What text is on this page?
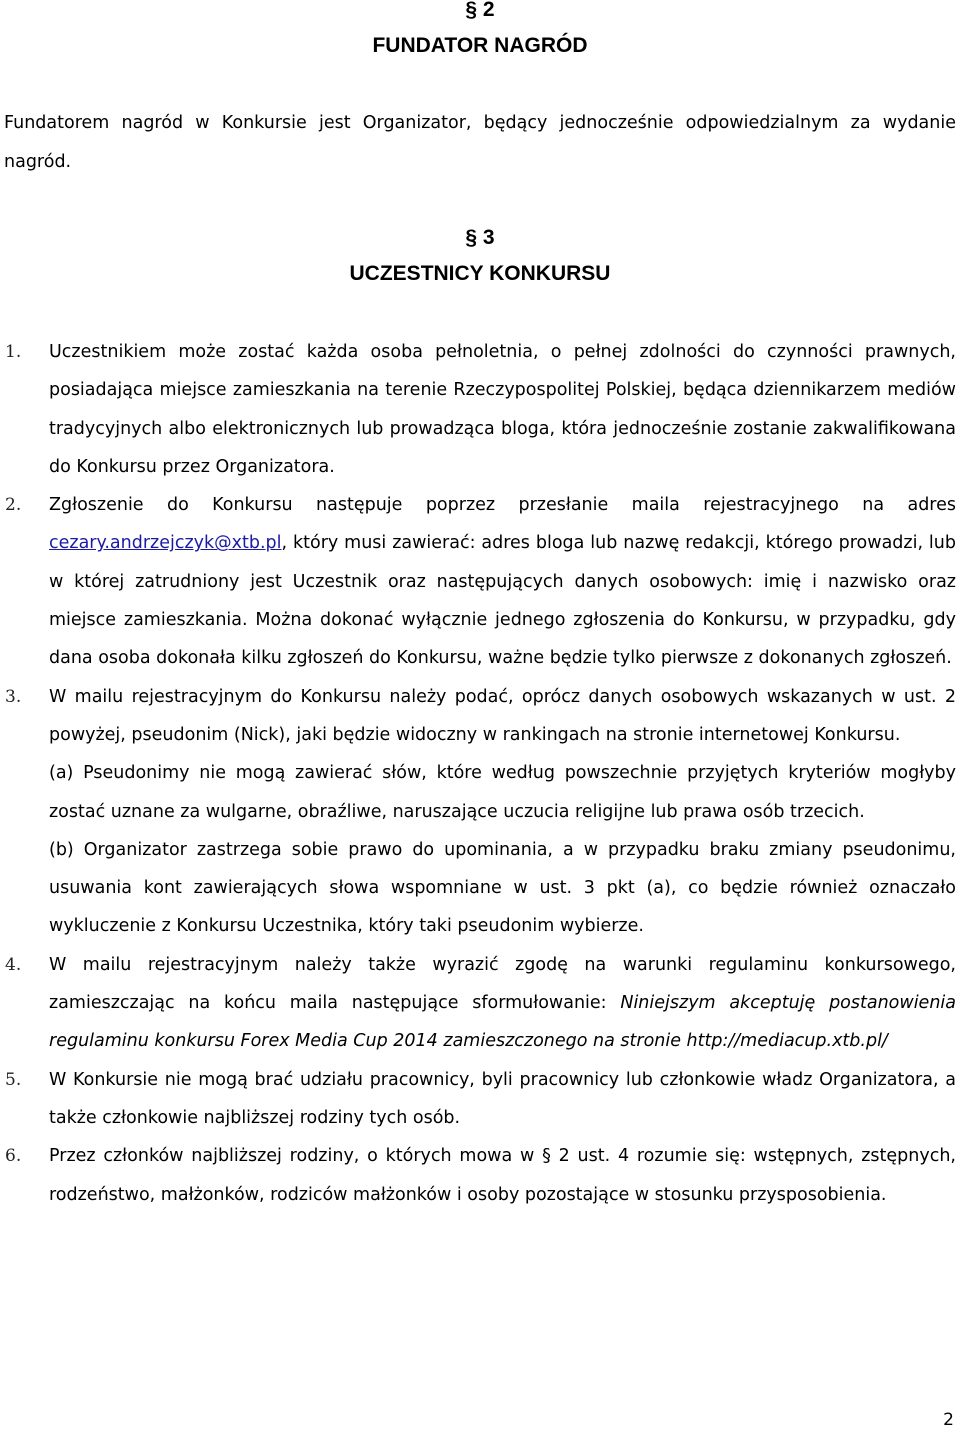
§ 2
FUNDATOR NAGRÓD

Fundatorem nagród w Konkursie jest Organizator, będący jednocześnie odpowiedzialnym za wydanie nagród.

§ 3
UCZESTNICY KONKURSU
1. Uczestnikiem może zostać każda osoba pełnoletnia, o pełnej zdolności do czynności prawnych, posiadająca miejsce zamieszkania na terenie Rzeczypospolitej Polskiej, będąca dziennikarzem mediów tradycyjnych albo elektronicznych lub prowadząca bloga, która jednocześnie zostanie zakwalifikowana do Konkursu przez Organizatora.
2. Zgłoszenie do Konkursu następuje poprzez przesłanie maila rejestracyjnego na adres cezary.andrzejczyk@xtb.pl, który musi zawierać: adres bloga lub nazwę redakcji, którego prowadzi, lub w której zatrudniony jest Uczestnik oraz następujących danych osobowych: imię i nazwisko oraz miejsce zamieszkania. Można dokonać wyłącznie jednego zgłoszenia do Konkursu, w przypadku, gdy dana osoba dokonała kilku zgłoszeń do Konkursu, ważne będzie tylko pierwsze z dokonanych zgłoszeń.
3. W mailu rejestracyjnym do Konkursu należy podać, oprócz danych osobowych wskazanych w ust. 2 powyżej, pseudonim (Nick), jaki będzie widoczny w rankingach na stronie internetowej Konkursu.
(a) Pseudonimy nie mogą zawierać słów, które według powszechnie przyjętych kryteriów mogłyby zostać uznane za wulgarne, obraźliwe, naruszające uczucia religijne lub prawa osób trzecich.
(b) Organizator zastrzega sobie prawo do upominania, a w przypadku braku zmiany pseudonimu, usuwania kont zawierających słowa wspomniane w ust. 3 pkt (a), co będzie również oznaczało wykluczenie z Konkursu Uczestnika, który taki pseudonim wybierze.
4. W mailu rejestracyjnym należy także wyrazić zgodę na warunki regulaminu konkursowego, zamieszczając na końcu maila następujące sformułowanie: Niniejszym akceptuję postanowienia regulaminu konkursu Forex Media Cup 2014 zamieszczonego na stronie http://mediacup.xtb.pl/
5. W Konkursie nie mogą brać udziału pracownicy, byli pracownicy lub członkowie władz Organizatora, a także członkowie najbliższej rodziny tych osób.
6. Przez członków najbliższej rodziny, o których mowa w § 2 ust. 4 rozumie się: wstępnych, zstępnych, rodzeństwo, małżonków, rodziców małżonków i osoby pozostające w stosunku przysposobienia.

2
